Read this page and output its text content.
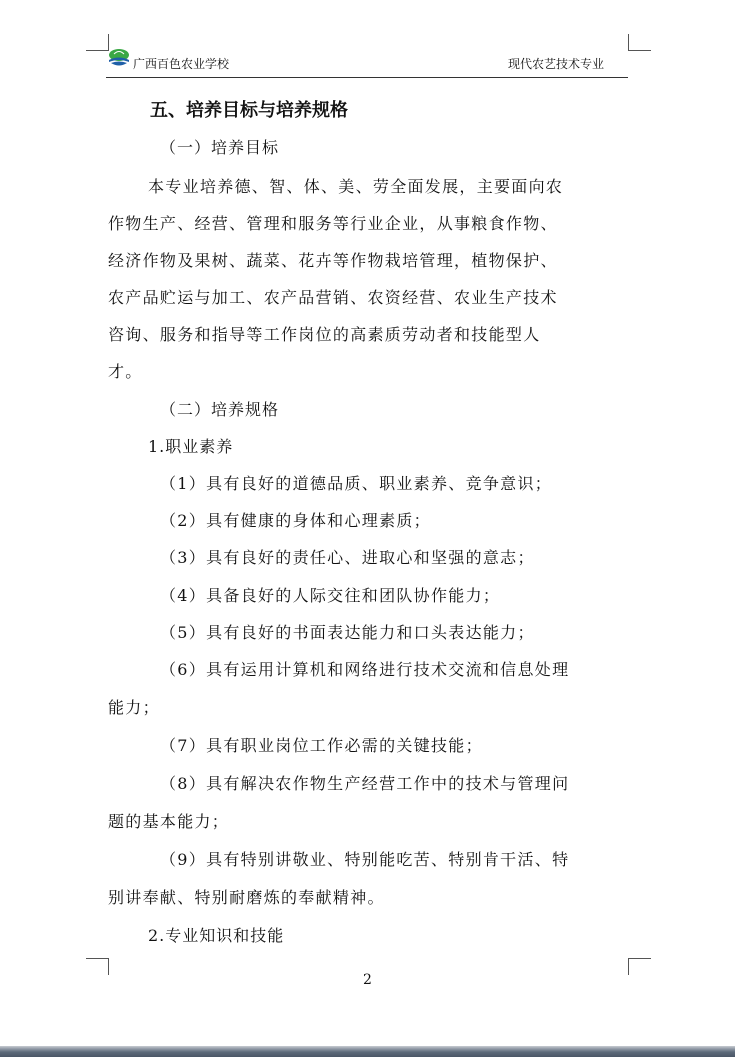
广西百色农业学校	现代农艺技术专业
五、培养目标与培养规格
（一）培养目标
本专业培养德、智、体、美、劳全面发展，主要面向农
作物生产、经营、管理和服务等行业企业，从事粮食作物、
经济作物及果树、蔬菜、花卉等作物栽培管理，植物保护、
农产品贮运与加工、农产品营销、农资经营、农业生产技术
咨询、服务和指导等工作岗位的高素质劳动者和技能型人
才。
（二）培养规格
1.职业素养
（1）具有良好的道德品质、职业素养、竞争意识；
（2）具有健康的身体和心理素质；
（3）具有良好的责任心、进取心和坚强的意志；
（4）具备良好的人际交往和团队协作能力；
（5）具有良好的书面表达能力和口头表达能力；
（6）具有运用计算机和网络进行技术交流和信息处理
能力；
（7）具有职业岗位工作必需的关键技能；
（8）具有解决农作物生产经营工作中的技术与管理问
题的基本能力；
（9）具有特别讲敬业、特别能吃苦、特别肯干活、特
别讲奉献、特别耐磨炼的奉献精神。
2.专业知识和技能
2
